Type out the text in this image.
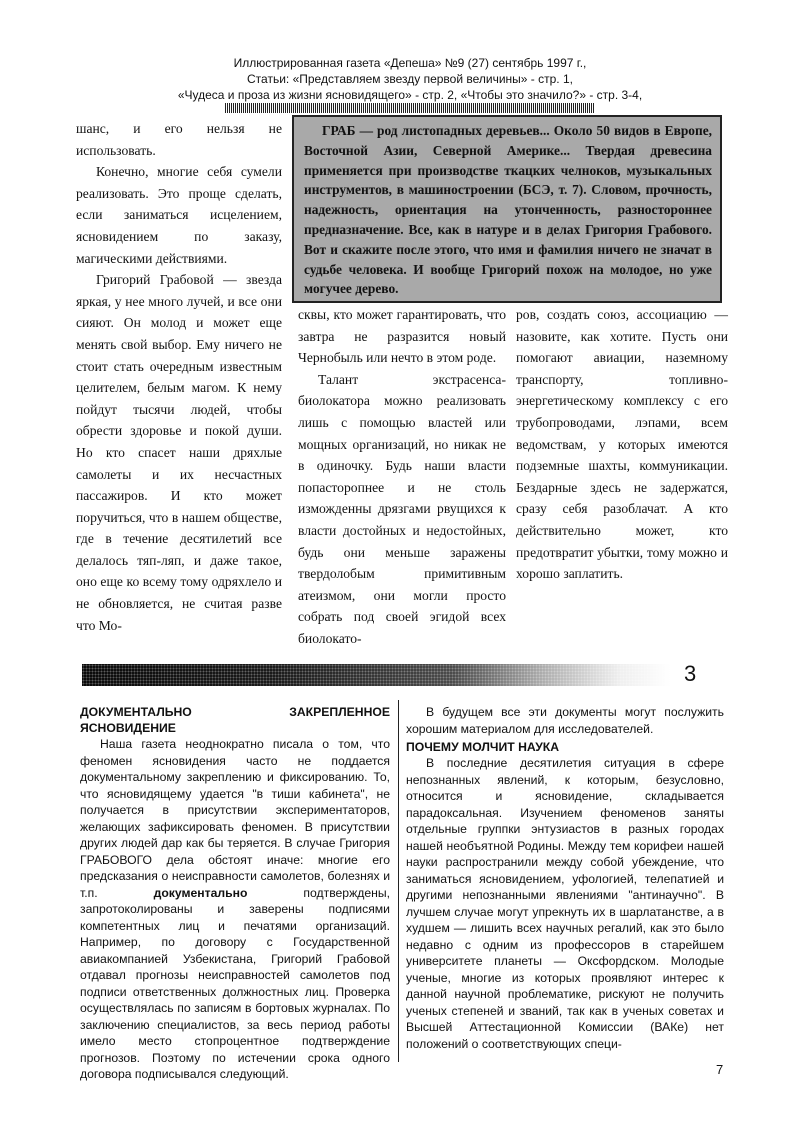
Иллюстрированная газета «Депеша» №9 (27) сентябрь 1997 г.,
Статьи: «Представляем звезду первой величины» - стр. 1,
«Чудеса и проза из жизни ясновидящего» - стр. 2, «Чтобы это значило?» - стр. 3-4,

ГРАБ — род листопадных деревьев... Около 50 видов в Европе, Восточной Азии, Северной Америке... Твердая древесина применяется при производстве ткацких челноков, музыкальных инструментов, в машиностроении (БСЭ, т. 7). Словом, прочность, надежность, ориентация на утонченность, разностороннее предназначение. Все, как в натуре и в делах Григория Грабового. Вот и скажите после этого, что имя и фамилия ничего не значат в судьбе человека. И вообще Григорий похож на молодое, но уже могучее дерево.

шанс, и его нельзя не использовать.

Конечно, многие себя сумели реализовать. Это проще сделать, если заниматься исцелением, ясновидением по заказу, магическими действиями.

Григорий Грабовой — звезда яркая, у нее много лучей, и все они сияют. Он молод и может еще менять свой выбор. Ему ничего не стоит стать очередным известным целителем, белым магом. К нему пойдут тысячи людей, чтобы обрести здоровье и покой души. Но кто спасет наши дряхлые самолеты и их несчастных пассажиров. И кто может поручиться, что в нашем обществе, где в течение десятилетий все делалось тяп-ляп, и даже такое, оно еще ко всему тому одряхлело и не обновляется, не считая разве что Мо-

сквы, кто может гарантировать, что завтра не разразится новый Чернобыль или нечто в этом роде.

Талант экстрасенса-биолокатора можно реализовать лишь с помощью властей или мощных организаций, но никак не в одиночку. Будь наши власти попасторопнее и не столь изможденны дрязгами рвущихся к власти достойных и недостойных, будь они меньше заражены твердолобым примитивным атеизмом, они могли просто собрать под своей эгидой всех биолокато-

ров, создать союз, ассоциацию — назовите, как хотите. Пусть они помогают авиации, наземному транспорту, топливно-энергетическому комплексу с его трубопроводами, лэпами, всем ведомствам, у которых имеются подземные шахты, коммуникации. Бездарные здесь не задержатся, сразу себя разоблачат. А кто действительно может, кто предотвратит убытки, тому можно и хорошо заплатить.

3

ДОКУМЕНТАЛЬНО ЗАКРЕПЛЕННОЕ ЯСНОВИДЕНИЕ

Наша газета неоднократно писала о том, что феномен ясновидения часто не поддается документальному закреплению и фиксированию. То, что ясновидящему удается "в тиши кабинета", не получается в присутствии экспериментаторов, желающих зафиксировать феномен. В присутствии других людей дар как бы теряется. В случае Григория ГРАБОВОГО дела обстоят иначе: многие его предсказания о неисправности самолетов, болезнях и т.п.	документально	подтверждены, запротоколированы и заверены подписями компетентных лиц и печатями организаций. Например, по договору с Государственной авиакомпанией Узбекистана, Григорий Грабовой отдавал прогнозы неисправностей самолетов под подписи ответственных должностных лиц. Проверка осуществлялась по записям в бортовых журналах. По заключению специалистов, за весь период работы имело место стопроцентное подтверждение прогнозов. Поэтому по истечении срока одного договора подписывался следующий.

В будущем все эти документы могут послужить хорошим материалом для исследователей.

ПОЧЕМУ МОЛЧИТ НАУКА

В последние десятилетия ситуация в сфере непознанных явлений, к которым, безусловно, относится и ясновидение, складывается парадоксальная. Изучением феноменов заняты отдельные группки энтузиастов в разных городах нашей необъятной Родины. Между тем корифеи нашей науки распространили между собой убеждение, что заниматься ясновидением, уфологией, телепатией и другими непознанными явлениями "антинаучно". В лучшем случае могут упрекнуть их в шарлатанстве, а в худшем — лишить всех научных регалий, как это было недавно с одним из профессоров в старейшем университете планеты — Оксфордском. Молодые ученые, многие из которых проявляют интерес к данной научной проблематике, рискуют не получить ученых степеней и званий, так как в ученых советах и Высшей Аттестационной Комиссии (ВАКе) нет положений о соответствующих специ-

7
